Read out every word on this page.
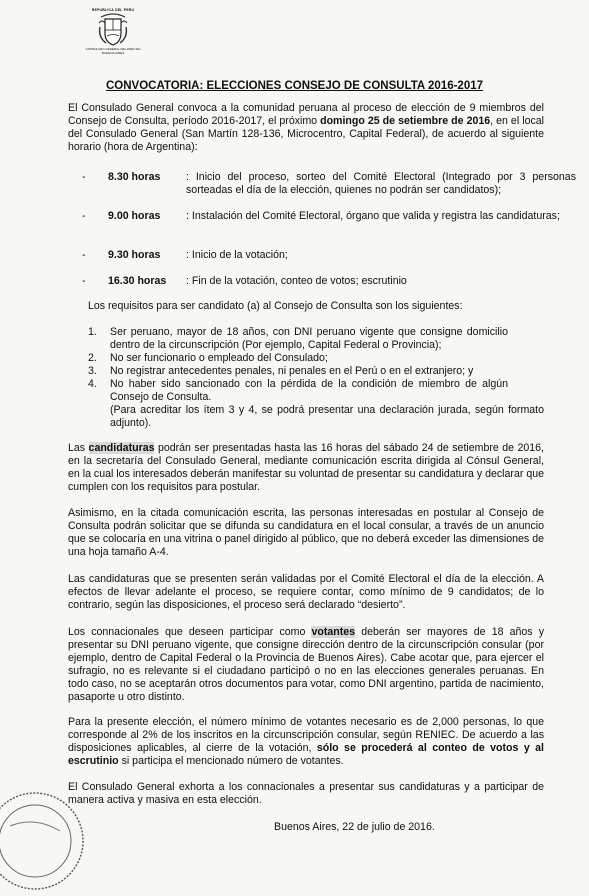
REPUBLICA DEL PERU
CONSULADO GENERAL DEL PERU EN BUENOS AIRES

CONVOCATORIA: ELECCIONES CONSEJO DE CONSULTA 2016-2017

El Consulado General convoca a la comunidad peruana al proceso de elección de 9 miembros del Consejo de Consulta, período 2016-2017, el próximo domingo 25 de setiembre de 2016, en el local del Consulado General (San Martín 128-136, Microcentro, Capital Federal), de acuerdo al siguiente horario (hora de Argentina):

- 8.30 horas : Inicio del proceso, sorteo del Comité Electoral (Integrado por 3 personas sorteadas el día de la elección, quienes no podrán ser candidatos);
- 9.00 horas : Instalación del Comité Electoral, órgano que valida y registra las candidaturas;
- 9.30 horas : Inicio de la votación;
- 16.30 horas : Fin de la votación, conteo de votos; escrutinio

Los requisitos para ser candidato (a) al Consejo de Consulta son los siguientes:

1. Ser peruano, mayor de 18 años, con DNI peruano vigente que consigne domicilio dentro de la circunscripción (Por ejemplo, Capital Federal o Provincia);
2. No ser funcionario o empleado del Consulado;
3. No registrar antecedentes penales, ni penales en el Perú o en el extranjero; y
4. No haber sido sancionado con la pérdida de la condición de miembro de algún Consejo de Consulta.

(Para acreditar los ítem 3 y 4, se podrá presentar una declaración jurada, según formato adjunto).

Las candidaturas podrán ser presentadas hasta las 16 horas del sábado 24 de setiembre de 2016, en la secretaría del Consulado General, mediante comunicación escrita dirigida al Cónsul General, en la cual los interesados deberán manifestar su voluntad de presentar su candidatura y declarar que cumplen con los requisitos para postular.

Asimismo, en la citada comunicación escrita, las personas interesadas en postular al Consejo de Consulta podrán solicitar que se difunda su candidatura en el local consular, a través de un anuncio que se colocaría en una vitrina o panel dirigido al público, que no deberá exceder las dimensiones de una hoja tamaño A-4.

Las candidaturas que se presenten serán validadas por el Comité Electoral el día de la elección. A efectos de llevar adelante el proceso, se requiere contar, como mínimo de 9 candidatos; de lo contrario, según las disposiciones, el proceso será declarado “desierto”.

Los connacionales que deseen participar como votantes deberán ser mayores de 18 años y presentar su DNI peruano vigente, que consigne dirección dentro de la circunscripción consular (por ejemplo, dentro de Capital Federal o la Provincia de Buenos Aires). Cabe acotar que, para ejercer el sufragio, no es relevante si el ciudadano participó o no en las elecciones generales peruanas. En todo caso, no se aceptarán otros documentos para votar, como DNI argentino, partida de nacimiento, pasaporte u otro distinto.

Para la presente elección, el número mínimo de votantes necesario es de 2,000 personas, lo que corresponde al 2% de los inscritos en la circunscripción consular, según RENIEC. De acuerdo a las disposiciones aplicables, al cierre de la votación, sólo se procederá al conteo de votos y al escrutinio si participa el mencionado número de votantes.

El Consulado General exhorta a los connacionales a presentar sus candidaturas y a participar de manera activa y masiva en esta elección.

Buenos Aires, 22 de julio de 2016.
